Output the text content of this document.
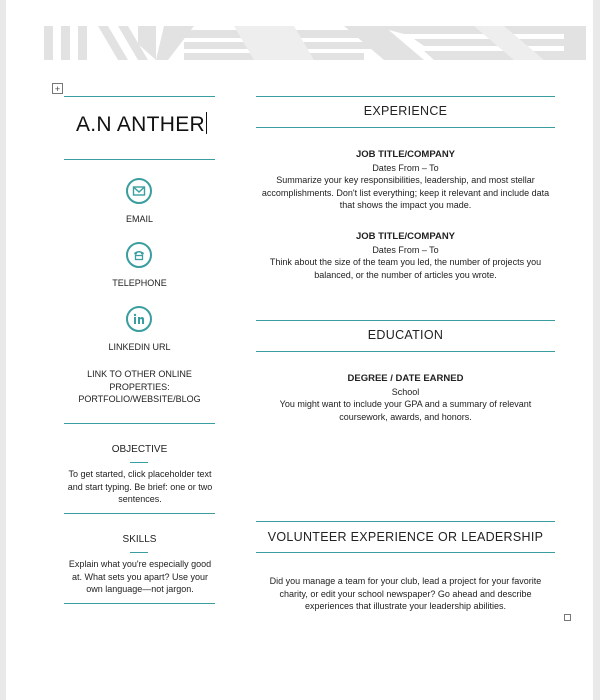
+
A.N ANTHER
EMAIL
TELEPHONE
LINKEDIN URL
LINK TO OTHER ONLINE
PROPERTIES:
PORTFOLIO/WEBSITE/BLOG
OBJECTIVE
To get started, click placeholder text
and start typing. Be brief: one or two
sentences.
SKILLS
Explain what you're especially good
at. What sets you apart? Use your
own language—not jargon.
EXPERIENCE
JOB TITLE/COMPANY
Dates From – To
Summarize your key responsibilities, leadership, and most stellar
accomplishments. Don't list everything; keep it relevant and include data
that shows the impact you made.
JOB TITLE/COMPANY
Dates From – To
Think about the size of the team you led, the number of projects you
balanced, or the number of articles you wrote.
EDUCATION
DEGREE / DATE EARNED
School
You might want to include your GPA and a summary of relevant
coursework, awards, and honors.
VOLUNTEER EXPERIENCE OR LEADERSHIP
Did you manage a team for your club, lead a project for your favorite
charity, or edit your school newspaper? Go ahead and describe
experiences that illustrate your leadership abilities.
